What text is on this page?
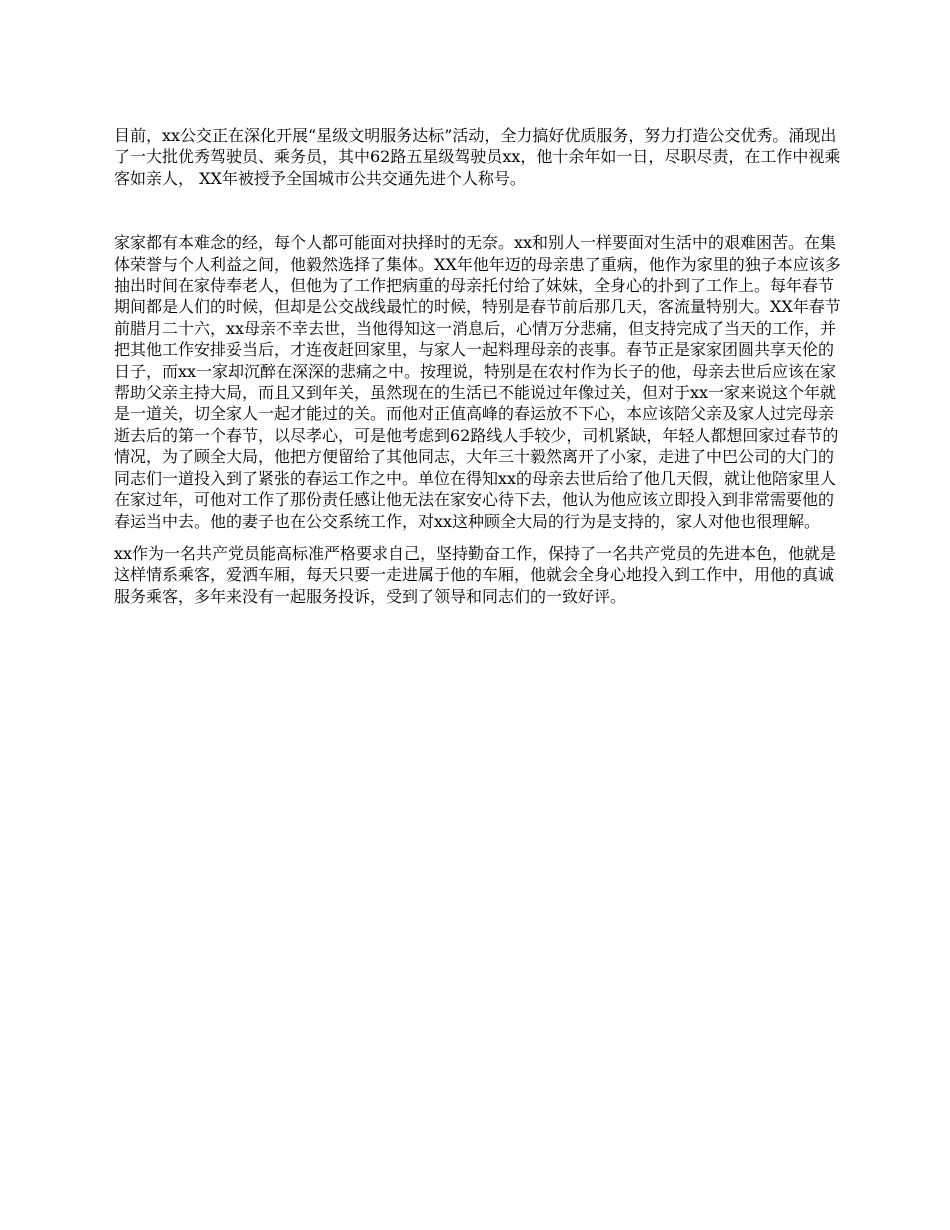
目前，xx公交正在深化开展“星级文明服务达标”活动，全力搞好优质服务，努力打造公交优秀。涌现出了一大批优秀驾驶员、乘务员，其中62路五星级驾驶员xx，他十余年如一日，尽职尽责，在工作中视乘客如亲人， XX年被授予全国城市公共交通先进个人称号。

家家都有本难念的经，每个人都可能面对抉择时的无奈。xx和别人一样要面对生活中的艰难困苦。在集体荣誉与个人利益之间，他毅然选择了集体。XX年他年迈的母亲患了重病，他作为家里的独子本应该多抽出时间在家侍奉老人，但他为了工作把病重的母亲托付给了妹妹，全身心的扑到了工作上。每年春节期间都是人们的时候，但却是公交战线最忙的时候，特别是春节前后那几天，客流量特别大。XX年春节前腊月二十六，xx母亲不幸去世，当他得知这一消息后，心情万分悲痛，但支持完成了当天的工作，并把其他工作安排妥当后，才连夜赶回家里，与家人一起料理母亲的丧事。春节正是家家团圆共享天伦的日子，而xx一家却沉醉在深深的悲痛之中。按理说，特别是在农村作为长子的他，母亲去世后应该在家帮助父亲主持大局，而且又到年关，虽然现在的生活已不能说过年像过关，但对于xx一家来说这个年就是一道关，切全家人一起才能过的关。而他对正值高峰的春运放不下心，本应该陪父亲及家人过完母亲逝去后的第一个春节，以尽孝心，可是他考虑到62路线人手较少，司机紧缺，年轻人都想回家过春节的情况，为了顾全大局，他把方便留给了其他同志，大年三十毅然离开了小家，走进了中巴公司的大门的同志们一道投入到了紧张的春运工作之中。单位在得知xx的母亲去世后给了他几天假，就让他陪家里人在家过年，可他对工作了那份责任感让他无法在家安心待下去，他认为他应该立即投入到非常需要他的春运当中去。他的妻子也在公交系统工作，对xx这种顾全大局的行为是支持的，家人对他也很理解。

xx作为一名共产党员能高标准严格要求自己，坚持勤奋工作，保持了一名共产党员的先进本色，他就是这样情系乘客，爱洒车厢，每天只要一走进属于他的车厢，他就会全身心地投入到工作中，用他的真诚服务乘客，多年来没有一起服务投诉，受到了领导和同志们的一致好评。
